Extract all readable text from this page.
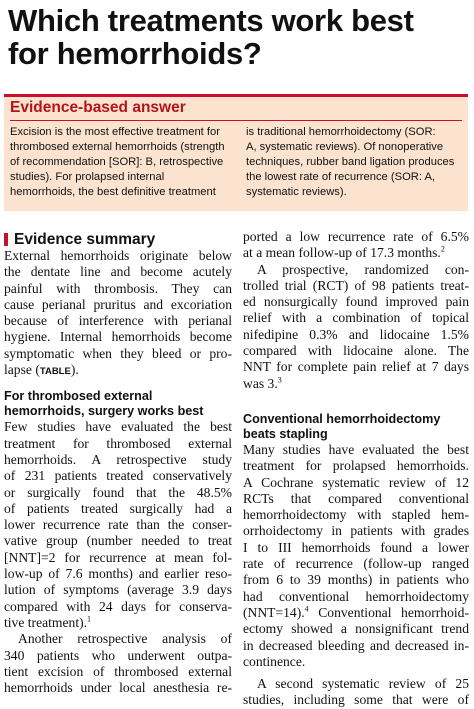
Which treatments work best
for hemorrhoids?
Evidence-based answer
Excision is the most effective treatment for
thrombosed external hemorrhoids (strength
of recommendation [SOR]: B, retrospective
studies). For prolapsed internal
hemorrhoids, the best definitive treatment
is traditional hemorrhoidectomy (SOR:
A, systematic reviews). Of nonoperative
techniques, rubber band ligation produces
the lowest rate of recurrence (SOR: A,
systematic reviews).
Evidence summary
External hemorrhoids originate below
the dentate line and become acutely
painful with thrombosis. They can
cause perianal pruritus and excoriation
because of interference with perianal
hygiene. Internal hemorrhoids become
symptomatic when they bleed or pro-
lapse (TABLE).
For thrombosed external
hemorrhoids, surgery works best
Few studies have evaluated the best
treatment for thrombosed external
hemorrhoids. A retrospective study
of 231 patients treated conservatively
or surgically found that the 48.5%
of patients treated surgically had a
lower recurrence rate than the conser-
vative group (number needed to treat
[NNT]=2 for recurrence at mean fol-
low-up of 7.6 months) and earlier reso-
lution of symptoms (average 3.9 days
compared with 24 days for conserva-
tive treatment).$^1$
Another retrospective analysis of
340 patients who underwent outpa-
tient excision of thrombosed external
hemorrhoids under local anesthesia re-
ported a low recurrence rate of 6.5%
at a mean follow-up of 17.3 months.$^2$
A prospective, randomized con-
trolled trial (RCT) of 98 patients treat-
ed nonsurgically found improved pain
relief with a combination of topical
nifedipine 0.3% and lidocaine 1.5%
compared with lidocaine alone. The
NNT for complete pain relief at 7 days
was 3.$^3$
Conventional hemorrhoidectomy
beats stapling
Many studies have evaluated the best
treatment for prolapsed hemorrhoids.
A Cochrane systematic review of 12
RCTs that compared conventional
hemorrhoidectomy with stapled hem-
orrhoidectomy in patients with grades
I to III hemorrhoids found a lower
rate of recurrence (follow-up ranged
from 6 to 39 months) in patients who
had conventional hemorrhoidectomy
(NNT=14).$^4$ Conventional hemorrhoid-
ectomy showed a nonsignificant trend
in decreased bleeding and decreased in-
continence.
A second systematic review of 25
studies, including some that were of
